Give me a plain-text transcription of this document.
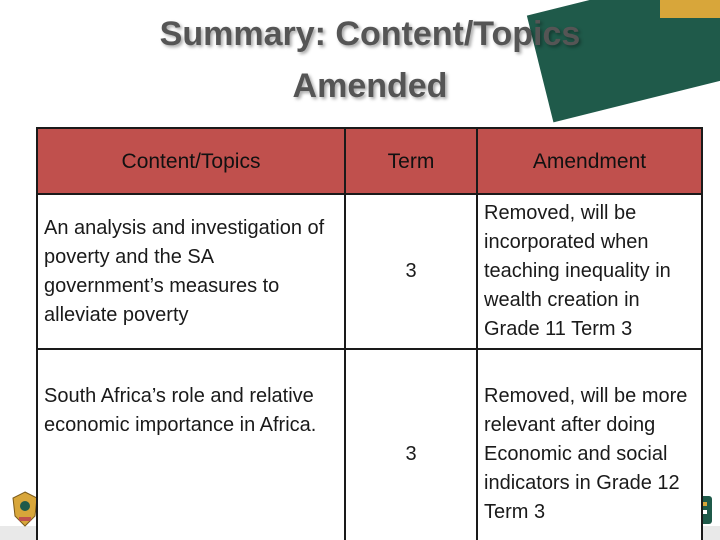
Summary: Content/Topics
Amended
Content/Topics	Term	Amendment
An analysis and investigation of poverty and the SA government’s measures to alleviate poverty	3	Removed, will be incorporated when teaching inequality in wealth creation in Grade 11 Term 3
South Africa’s role and relative economic importance in Africa.	3	Removed, will be more relevant after doing Economic and social indicators in Grade 12 Term 3
